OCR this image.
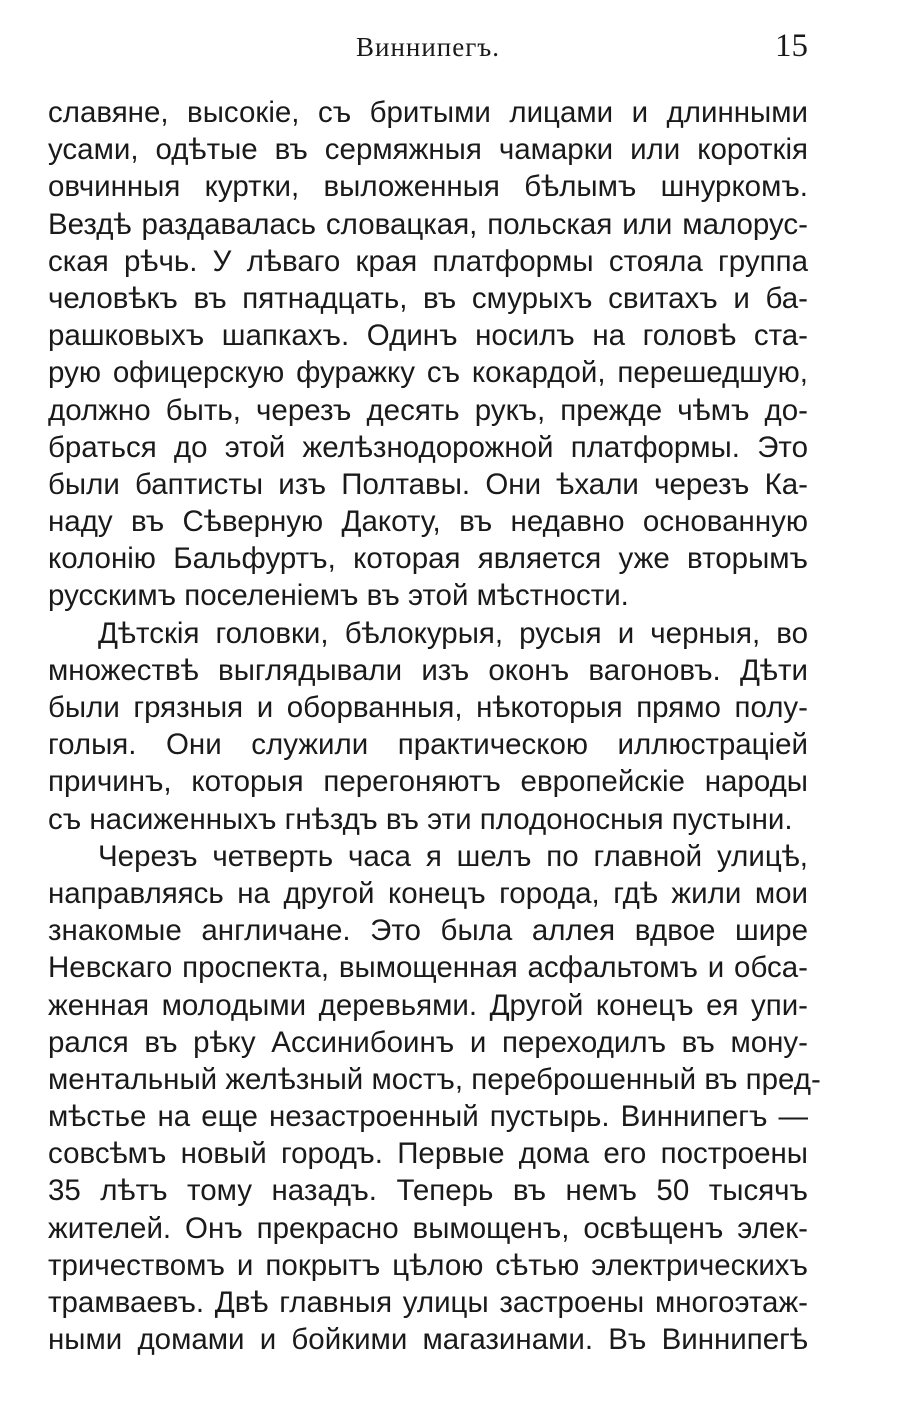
Виннипегъ.	15
славяне, высокіе, съ бритыми лицами и длинными
усами, одѣтые въ сермяжныя чамарки или короткія
овчинныя куртки, выложенныя бѣлымъ шнуркомъ.
Вездѣ раздавалась словацкая, польская или малорус-
ская рѣчь. У лѣваго края платформы стояла группа
человѣкъ въ пятнадцать, въ смурыхъ свитахъ и ба-
рашковыхъ шапкахъ. Одинъ носилъ на головѣ ста-
рую офицерскую фуражку съ кокардой, перешедшую,
должно быть, черезъ десять рукъ, прежде чѣмъ до-
браться до этой желѣзнодорожной платформы. Это
были баптисты изъ Полтавы. Они ѣхали черезъ Ка-
наду въ Сѣверную Дакоту, въ недавно основанную
колонію Бальфуртъ, которая является уже вторымъ
русскимъ поселеніемъ въ этой мѣстности.
Дѣтскія головки, бѣлокурыя, русыя и черныя, во
множествѣ выглядывали изъ оконъ вагоновъ. Дѣти
были грязныя и оборванныя, нѣкоторыя прямо полу-
голыя. Они служили практическою иллюстраціей
причинъ, которыя перегоняютъ европейскіе народы
съ насиженныхъ гнѣздъ въ эти плодоносныя пустыни.
Черезъ четверть часа я шелъ по главной улицѣ,
направляясь на другой конецъ города, гдѣ жили мои
знакомые англичане. Это была аллея вдвое шире
Невскаго проспекта, вымощенная асфальтомъ и обса-
женная молодыми деревьями. Другой конецъ ея упи-
рался въ рѣку Ассинибоинъ и переходилъ въ мону-
ментальный желѣзный мостъ, переброшенный въ пред-
мѣстье на еще незастроенный пустырь. Виннипегъ —
совсѣмъ новый городъ. Первые дома его построены
35 лѣтъ тому назадъ. Теперь въ немъ 50 тысячъ
жителей. Онъ прекрасно вымощенъ, освѣщенъ элек-
тричествомъ и покрытъ цѣлою сѣтью электрическихъ
трамваевъ. Двѣ главныя улицы застроены многоэтаж-
ными домами и бойкими магазинами. Въ Виннипегѣ
